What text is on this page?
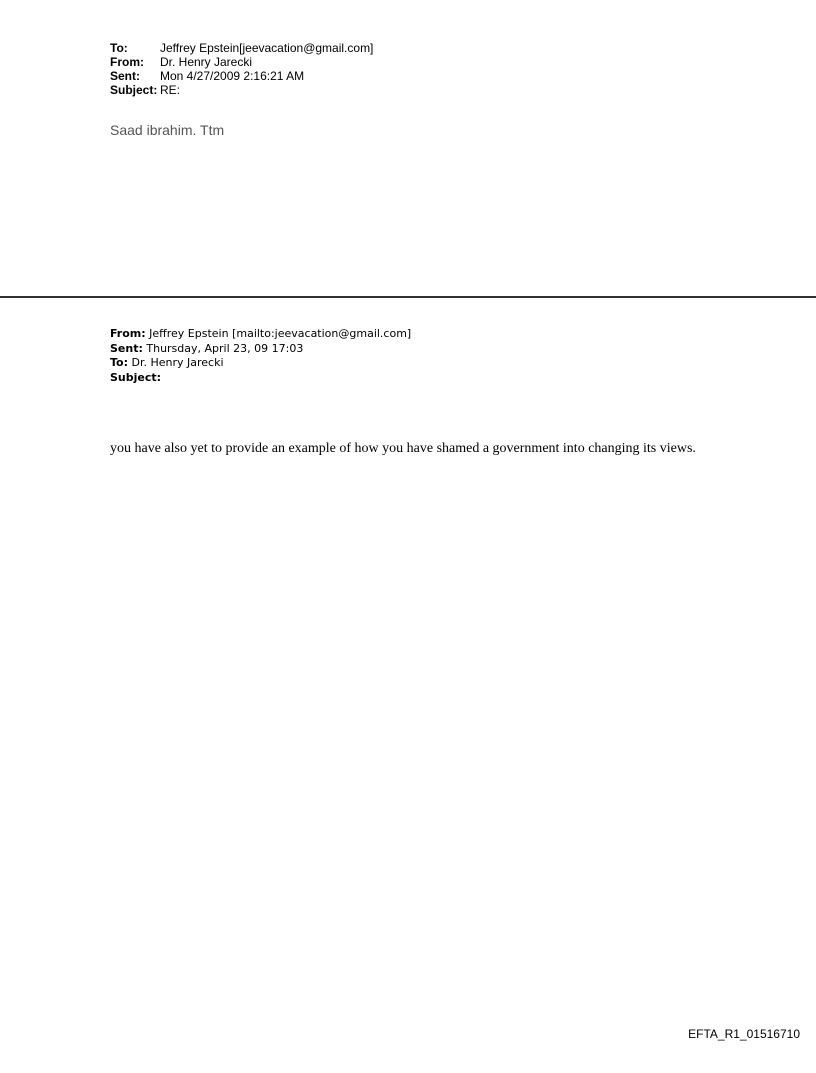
To:	Jeffrey Epstein[jeevacation@gmail.com]
From:	Dr. Henry Jarecki
Sent:	Mon 4/27/2009 2:16:21 AM
Subject: RE:
Saad ibrahim. Ttm
From: Jeffrey Epstein [mailto:jeevacation@gmail.com]
Sent: Thursday, April 23, 09 17:03
To: Dr. Henry Jarecki
Subject:
you have also yet to provide an example of how you have shamed a government into changing its views.
EFTA_R1_01516710
